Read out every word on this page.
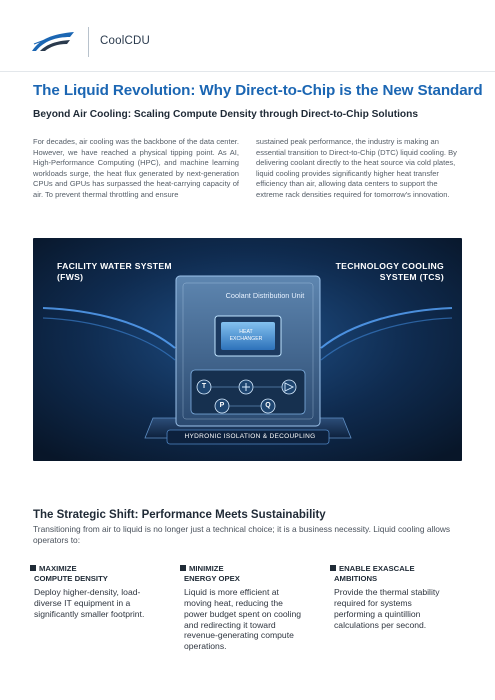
CoolCDU
The Liquid Revolution: Why Direct-to-Chip is the New Standard
Beyond Air Cooling: Scaling Compute Density through Direct-to-Chip Solutions
For decades, air cooling was the backbone of the data center. However, we have reached a physical tipping point. As AI, High-Performance Computing (HPC), and machine learning workloads surge, the heat flux generated by next-generation CPUs and GPUs has surpassed the heat-carrying capacity of air. To prevent thermal throttling and ensure
sustained peak performance, the industry is making an essential transition to Direct-to-Chip (DTC) liquid cooling. By delivering coolant directly to the heat source via cold plates, liquid cooling provides significantly higher heat transfer efficiency than air, allowing data centers to support the extreme rack densities required for tomorrow's innovation.
FACILITY WATER SYSTEM (FWS)
TECHNOLOGY COOLING SYSTEM (TCS)
Coolant Distribution Unit
HEAT EXCHANGER
T
P	Q
HYDRONIC ISOLATION & DECOUPLING
The Strategic Shift: Performance Meets Sustainability
Transitioning from air to liquid is no longer just a technical choice; it is a business necessity. Liquid cooling allows operators to:
MAXIMIZE
COMPUTE DENSITY
Deploy higher-density, load-diverse IT equipment in a significantly smaller footprint.
MINIMIZE
ENERGY OPEX
Liquid is more efficient at moving heat, reducing the power budget spent on cooling and redirecting it toward revenue-generating compute operations.
ENABLE EXASCALE
AMBITIONS
Provide the thermal stability required for systems performing a quintillion calculations per second.
